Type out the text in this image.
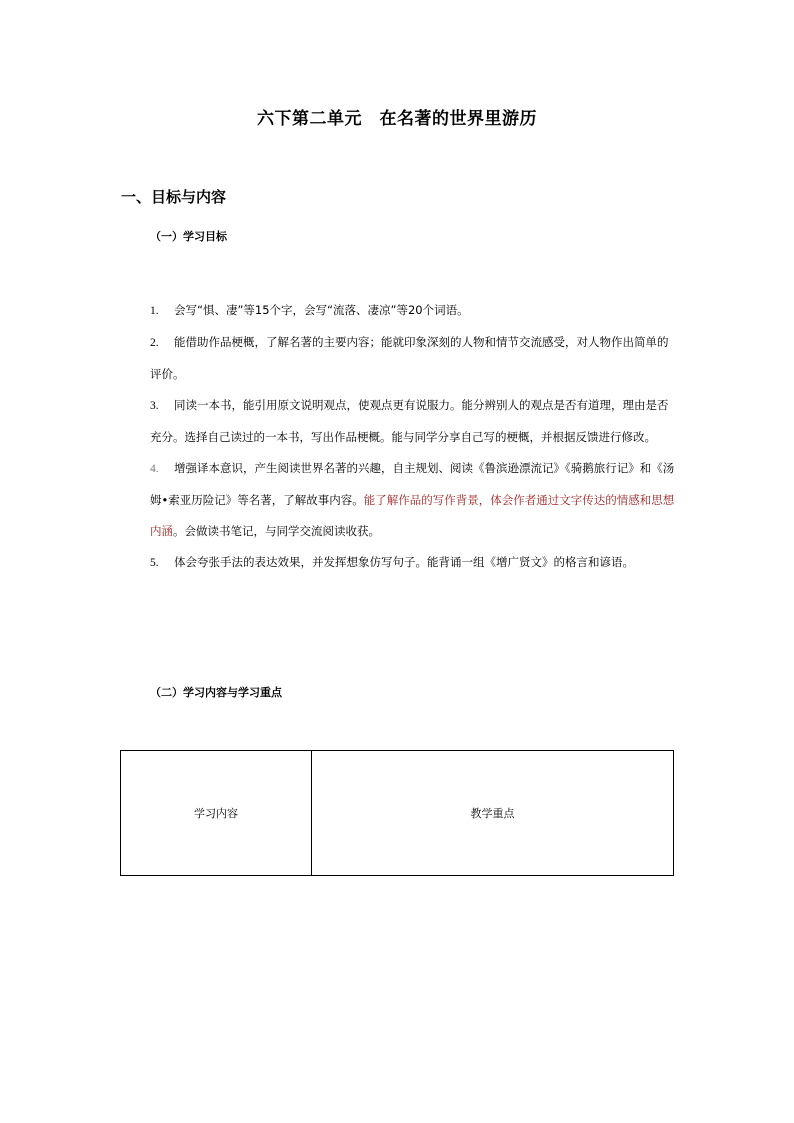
六下第二单元　在名著的世界里游历
一、目标与内容
（一）学习目标

1. 会写“惧、凄”等15个字，会写“流落、凄凉”等20个词语。

2. 能借助作品梗概，了解名著的主要内容；能就印象深刻的人物和情节交流感受，对人物作出简单的评价。

3. 同读一本书，能引用原文说明观点，使观点更有说服力。能分辨别人的观点是否有道理，理由是否充分。选择自己读过的一本书，写出作品梗概。能与同学分享自己写的梗概，并根据反馈进行修改。

4. 增强译本意识，产生阅读世界名著的兴趣，自主规划、阅读《鲁滨逊漂流记》《骑鹅旅行记》和《汤姆•索亚历险记》等名著，了解故事内容。能了解作品的写作背景，体会作者通过文字传达的情感和思想内涵。会做读书笔记，与同学交流阅读收获。

5. 体会夸张手法的表达效果，并发挥想象仿写句子。能背诵一组《增广贤文》的格言和谚语。

（二）学习内容与学习重点
学习内容	教学重点
